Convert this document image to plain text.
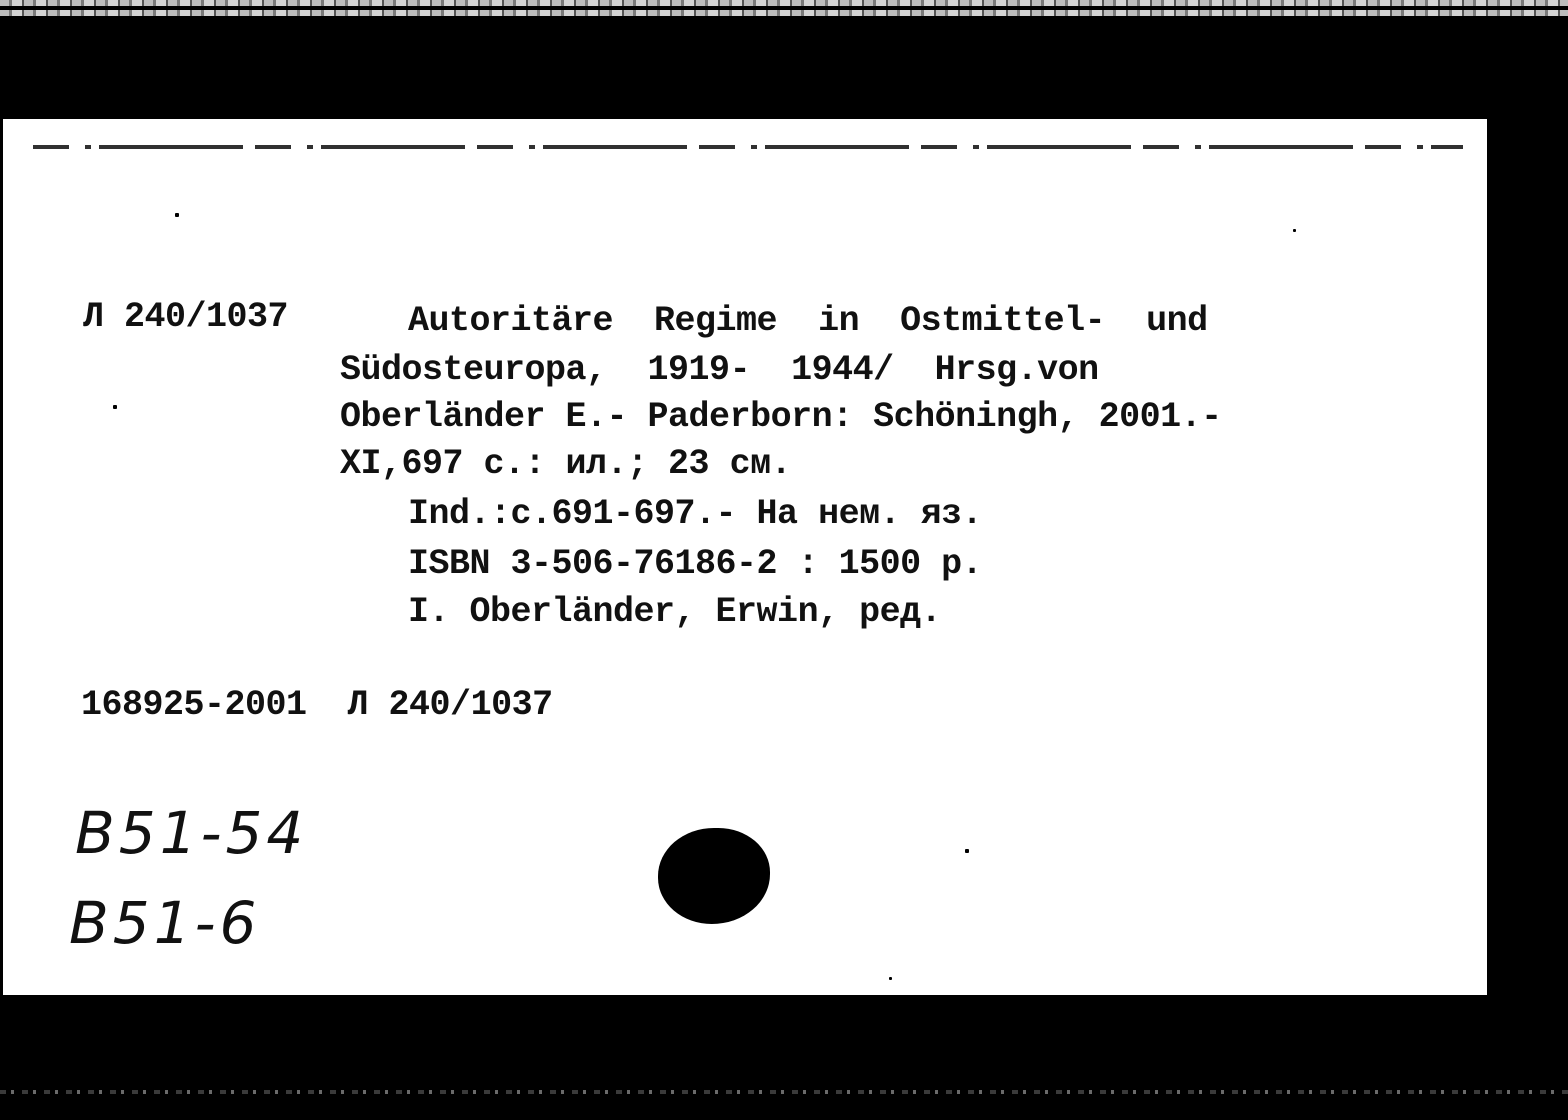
Л 240/1037	Autoritäre  Regime  in  Ostmittel-  und

Südosteuropa,  1919-  1944/  Hrsg.von

Oberländer E.- Paderborn: Schöningh, 2001.-

XI,697 с.: ил.; 23 см.

Ind.:c.691-697.- На нем. яз.

ISBN 3-506-76186-2 : 1500 р.

I. Oberländer, Erwin, ред.

168925-2001  Л 240/1037

B51-54

B51-6
